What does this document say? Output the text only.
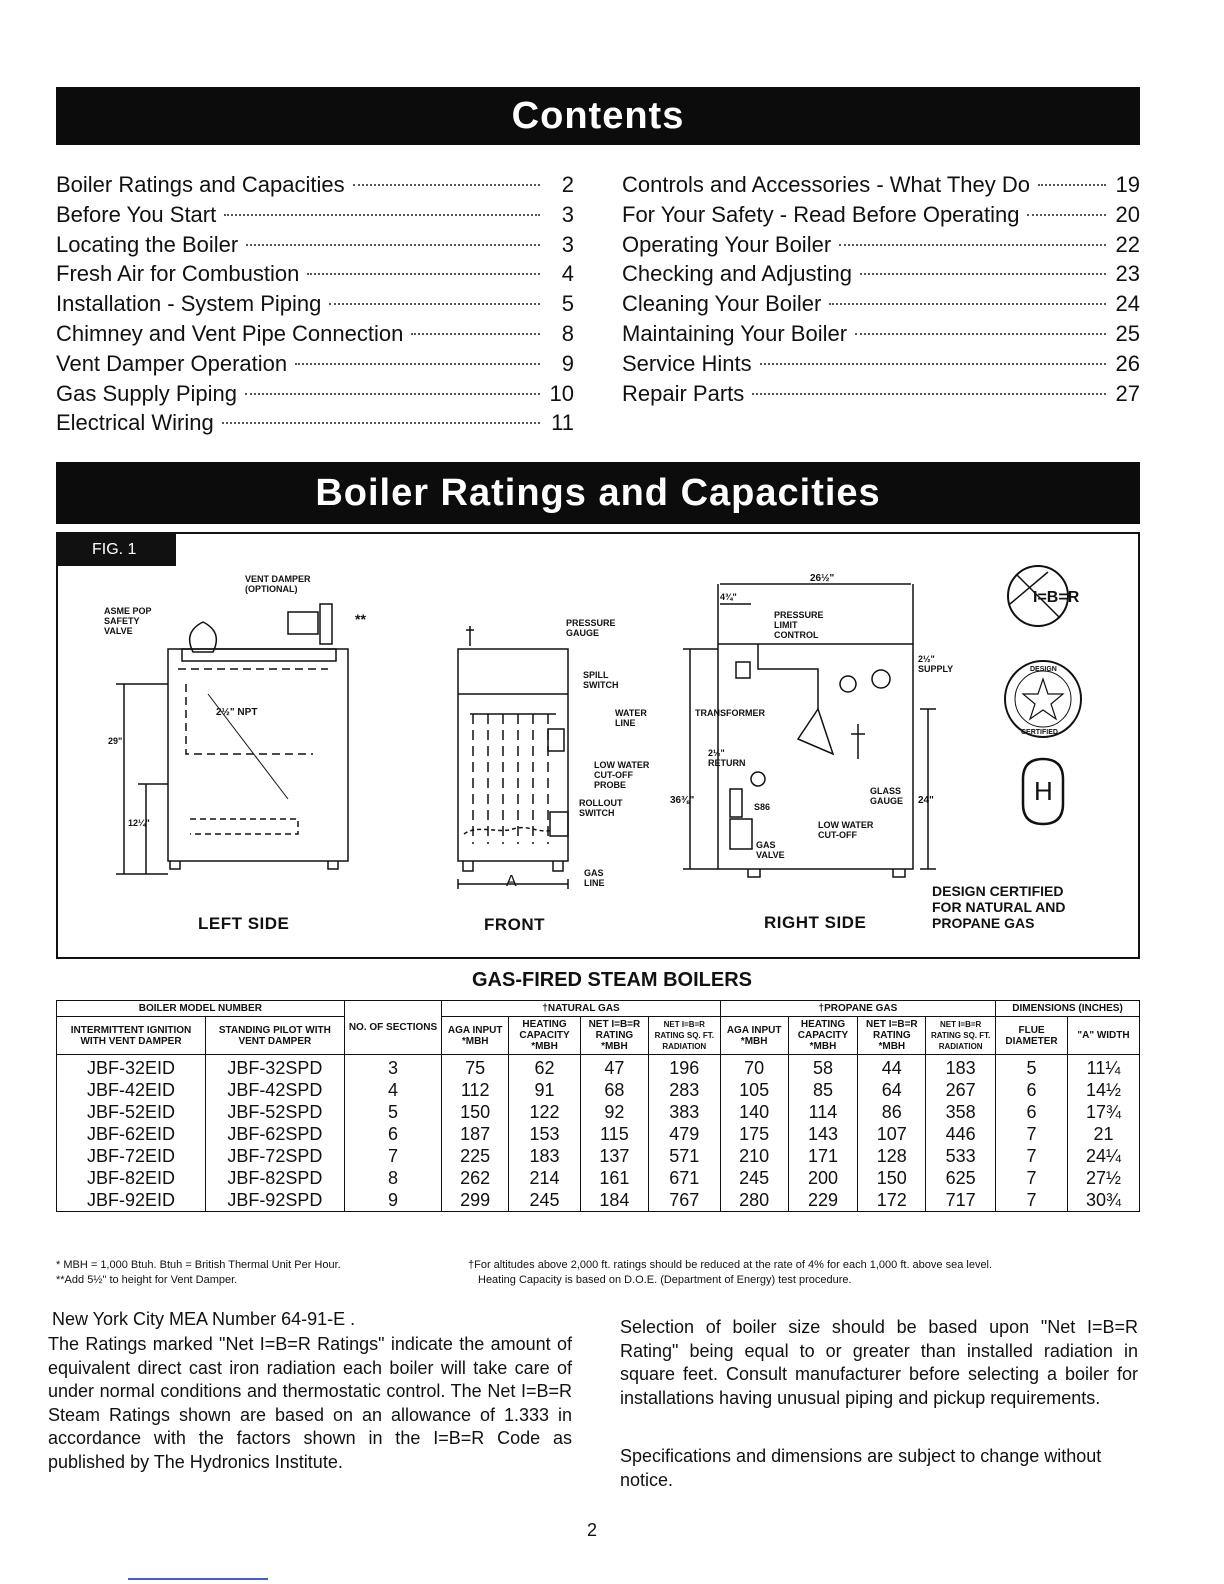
Contents
Boiler Ratings and Capacities	2
Before You Start	3
Locating the Boiler	3
Fresh Air for Combustion	4
Installation - System Piping	5
Chimney and Vent Pipe Connection	8
Vent Damper Operation	9
Gas Supply Piping	10
Electrical Wiring	11
Controls and Accessories - What They Do	19
For Your Safety - Read Before Operating	20
Operating Your Boiler	22
Checking and Adjusting	23
Cleaning Your Boiler	24
Maintaining Your Boiler	25
Service Hints	26
Repair Parts	27
Boiler Ratings and Capacities
FIG. 1
I=B=R
DESIGN
CERTIFIED
H
VENT DAMPER (OPTIONAL)
ASME POP SAFETY VALVE
**
2½" NPT
29"
12¼"
PRESSURE GAUGE
SPILL SWITCH
WATER LINE
LOW WATER CUT-OFF PROBE
ROLLOUT SWITCH
GAS LINE
A
26½"
4¾"
PRESSURE LIMIT CONTROL
2½" SUPPLY
TRANSFORMER
2½" RETURN
GLASS GAUGE
S86
LOW WATER CUT-OFF
GAS VALVE
36⅜"	24"
LEFT SIDE	FRONT	RIGHT SIDE
DESIGN CERTIFIED FOR NATURAL AND PROPANE GAS
GAS-FIRED STEAM BOILERS
BOILER MODEL NUMBER		NO. OF SECTIONS	†NATURAL GAS				†PROPANE GAS				DIMENSIONS (INCHES)	
INTERMITTENT IGNITION WITH VENT DAMPER	STANDING PILOT WITH VENT DAMPER		AGA INPUT *MBH	HEATING CAPACITY *MBH	NET I=B=R RATING *MBH	NET I=B=R RATING SQ. FT. RADIATION	AGA INPUT *MBH	HEATING CAPACITY *MBH	NET I=B=R RATING *MBH	NET I=B=R RATING SQ. FT. RADIATION	FLUE DIAMETER	"A" WIDTH
JBF-32EID	JBF-32SPD	3	75	62	47	196	70	58	44	183	5	11¼
JBF-42EID	JBF-42SPD	4	112	91	68	283	105	85	64	267	6	14½
JBF-52EID	JBF-52SPD	5	150	122	92	383	140	114	86	358	6	17¾
JBF-62EID	JBF-62SPD	6	187	153	115	479	175	143	107	446	7	21
JBF-72EID	JBF-72SPD	7	225	183	137	571	210	171	128	533	7	24¼
JBF-82EID	JBF-82SPD	8	262	214	161	671	245	200	150	625	7	27½
JBF-92EID	JBF-92SPD	9	299	245	184	767	280	229	172	717	7	30¾
* MBH = 1,000 Btuh. Btuh = British Thermal Unit Per Hour.
**Add 5½" to height for Vent Damper.
†For altitudes above 2,000 ft. ratings should be reduced at the rate of 4% for each 1,000 ft. above sea level.
Heating Capacity is based on D.O.E. (Department of Energy) test procedure.
New York City MEA Number 64-91-E .
The Ratings marked "Net I=B=R Ratings" indicate the amount of equivalent direct cast iron radiation each boiler will take care of under normal conditions and thermostatic control. The Net I=B=R Steam Ratings shown are based on an allowance of 1.333 in accordance with the factors shown in the I=B=R Code as published by The Hydronics Institute.
Selection of boiler size should be based upon "Net I=B=R Rating" being equal to or greater than installed radiation in square feet. Consult manufacturer before selecting a boiler for installations having unusual piping and pickup requirements.
Specifications and dimensions are subject to change without notice.
2
